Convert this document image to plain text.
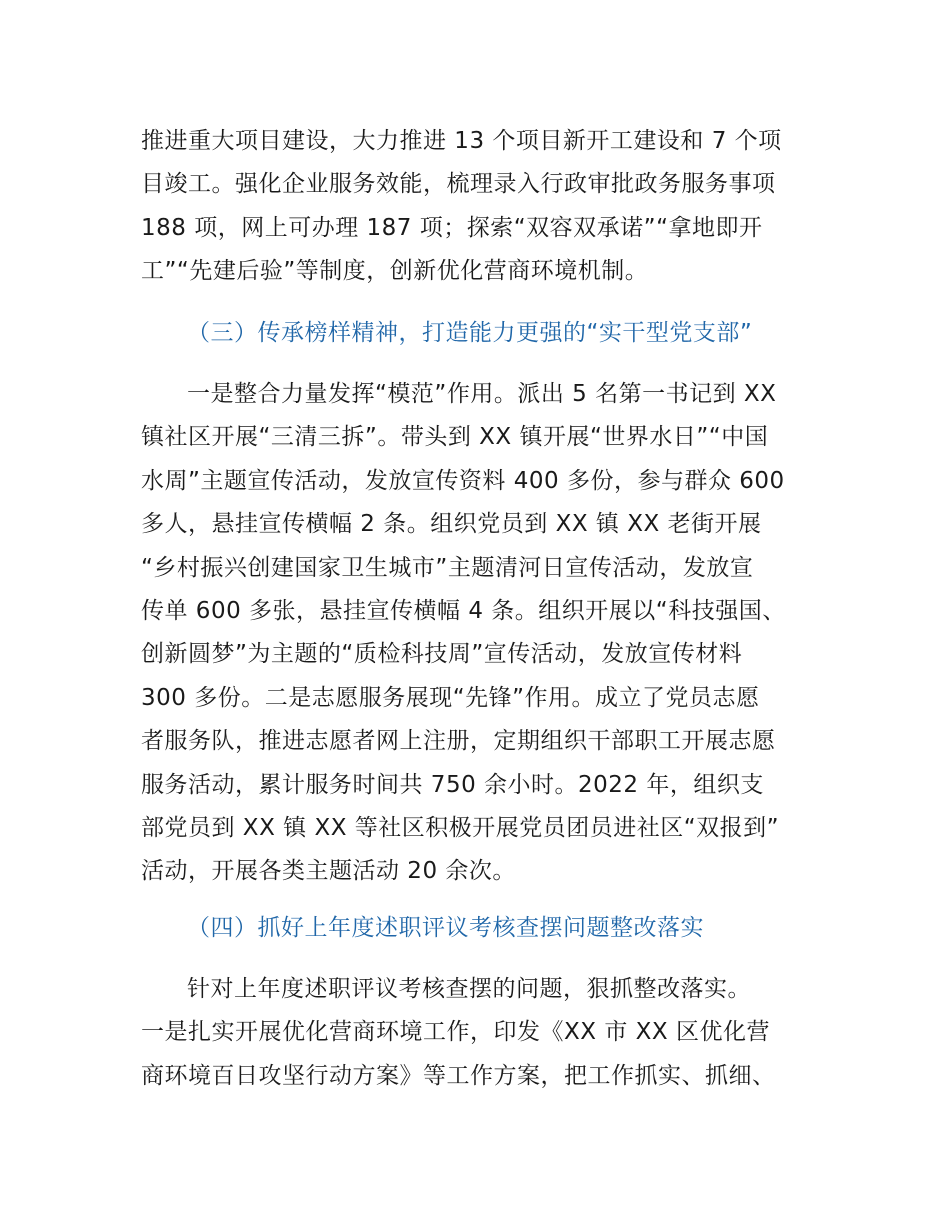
推进重大项目建设，大力推进 13 个项目新开工建设和 7 个项
目竣工。强化企业服务效能，梳理录入行政审批政务服务事项
188 项，网上可办理 187 项；探索“双容双承诺”“拿地即开
工”“先建后验”等制度，创新优化营商环境机制。
（三）传承榜样精神，打造能力更强的“实干型党支部”
一是整合力量发挥“模范”作用。派出 5 名第一书记到 XX
镇社区开展“三清三拆”。带头到 XX 镇开展“世界水日”“中国
水周”主题宣传活动，发放宣传资料 400 多份，参与群众 600
多人，悬挂宣传横幅 2 条。组织党员到 XX 镇 XX 老街开展
“乡村振兴创建国家卫生城市”主题清河日宣传活动，发放宣
传单 600 多张，悬挂宣传横幅 4 条。组织开展以“科技强国、
创新圆梦”为主题的“质检科技周”宣传活动，发放宣传材料
300 多份。二是志愿服务展现“先锋”作用。成立了党员志愿
者服务队，推进志愿者网上注册，定期组织干部职工开展志愿
服务活动，累计服务时间共 750 余小时。2022 年，组织支
部党员到 XX 镇 XX 等社区积极开展党员团员进社区“双报到”
活动，开展各类主题活动 20 余次。
（四）抓好上年度述职评议考核查摆问题整改落实
针对上年度述职评议考核查摆的问题，狠抓整改落实。
一是扎实开展优化营商环境工作，印发《XX 市 XX 区优化营
商环境百日攻坚行动方案》等工作方案，把工作抓实、抓细、
